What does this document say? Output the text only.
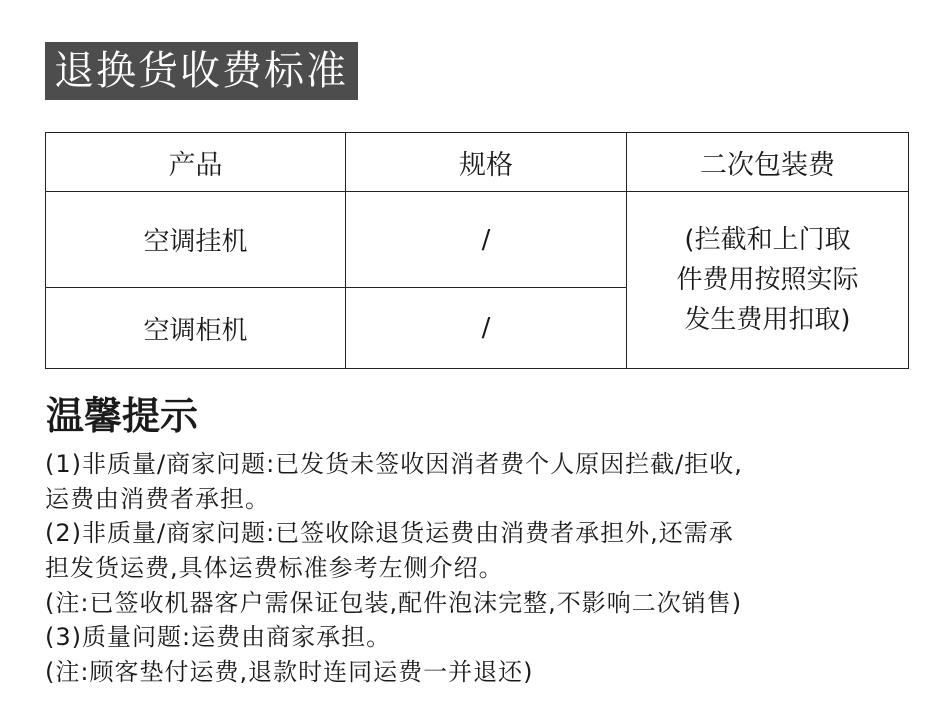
退换货收费标准
产品	规格	二次包装费
空调挂机	/	(拦截和上门取
件费用按照实际
发生费用扣取)

空调柜机	/	
温馨提示
(1)非质量/商家问题:已发货未签收因消者费个人原因拦截/拒收,
运费由消费者承担。
(2)非质量/商家问题:已签收除退货运费由消费者承担外,还需承
担发货运费,具体运费标准参考左侧介绍。
(注:已签收机器客户需保证包装,配件泡沫完整,不影响二次销售)
(3)质量问题:运费由商家承担。
(注:顾客垫付运费,退款时连同运费一并退还)
